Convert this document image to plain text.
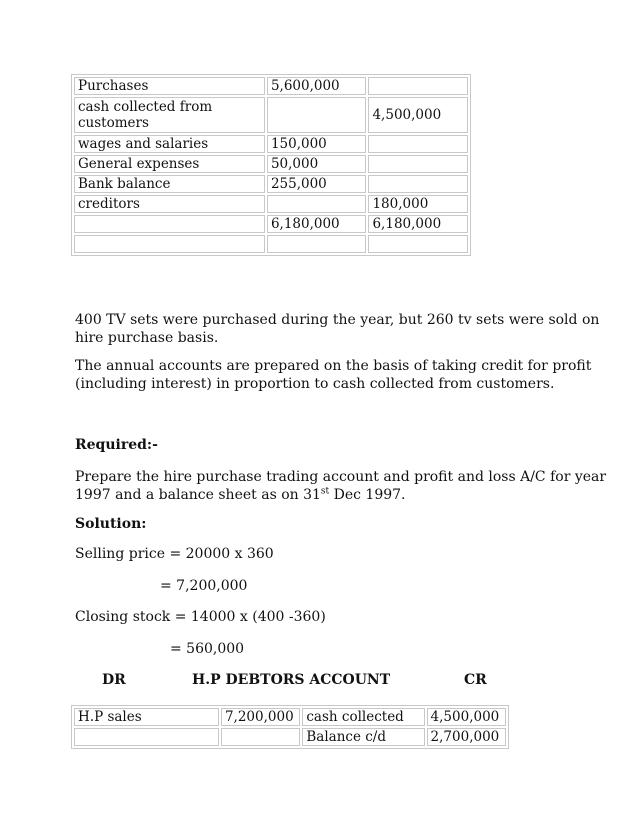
Purchases	5,600,000	
cash collected from customers		4,500,000
wages and salaries	150,000	
General expenses	50,000	
Bank balance	255,000	
creditors		180,000
	6,180,000	6,180,000

400 TV sets were purchased during the year, but 260 tv sets were sold on
hire purchase basis.
The annual accounts are prepared on the basis of taking credit for profit
(including interest) in proportion to cash collected from customers.
Required:-
Prepare the hire purchase trading account and profit and loss A/C for year
1997 and a balance sheet as on 31st Dec 1997.
Solution:
Selling price = 20000 x 360
= 7,200,000
Closing stock = 14000 x (400 -360)
= 560,000
DR	H.P DEBTORS ACCOUNT	CR
H.P sales	7,200,000	cash collected	4,500,000
		Balance c/d	2,700,000
